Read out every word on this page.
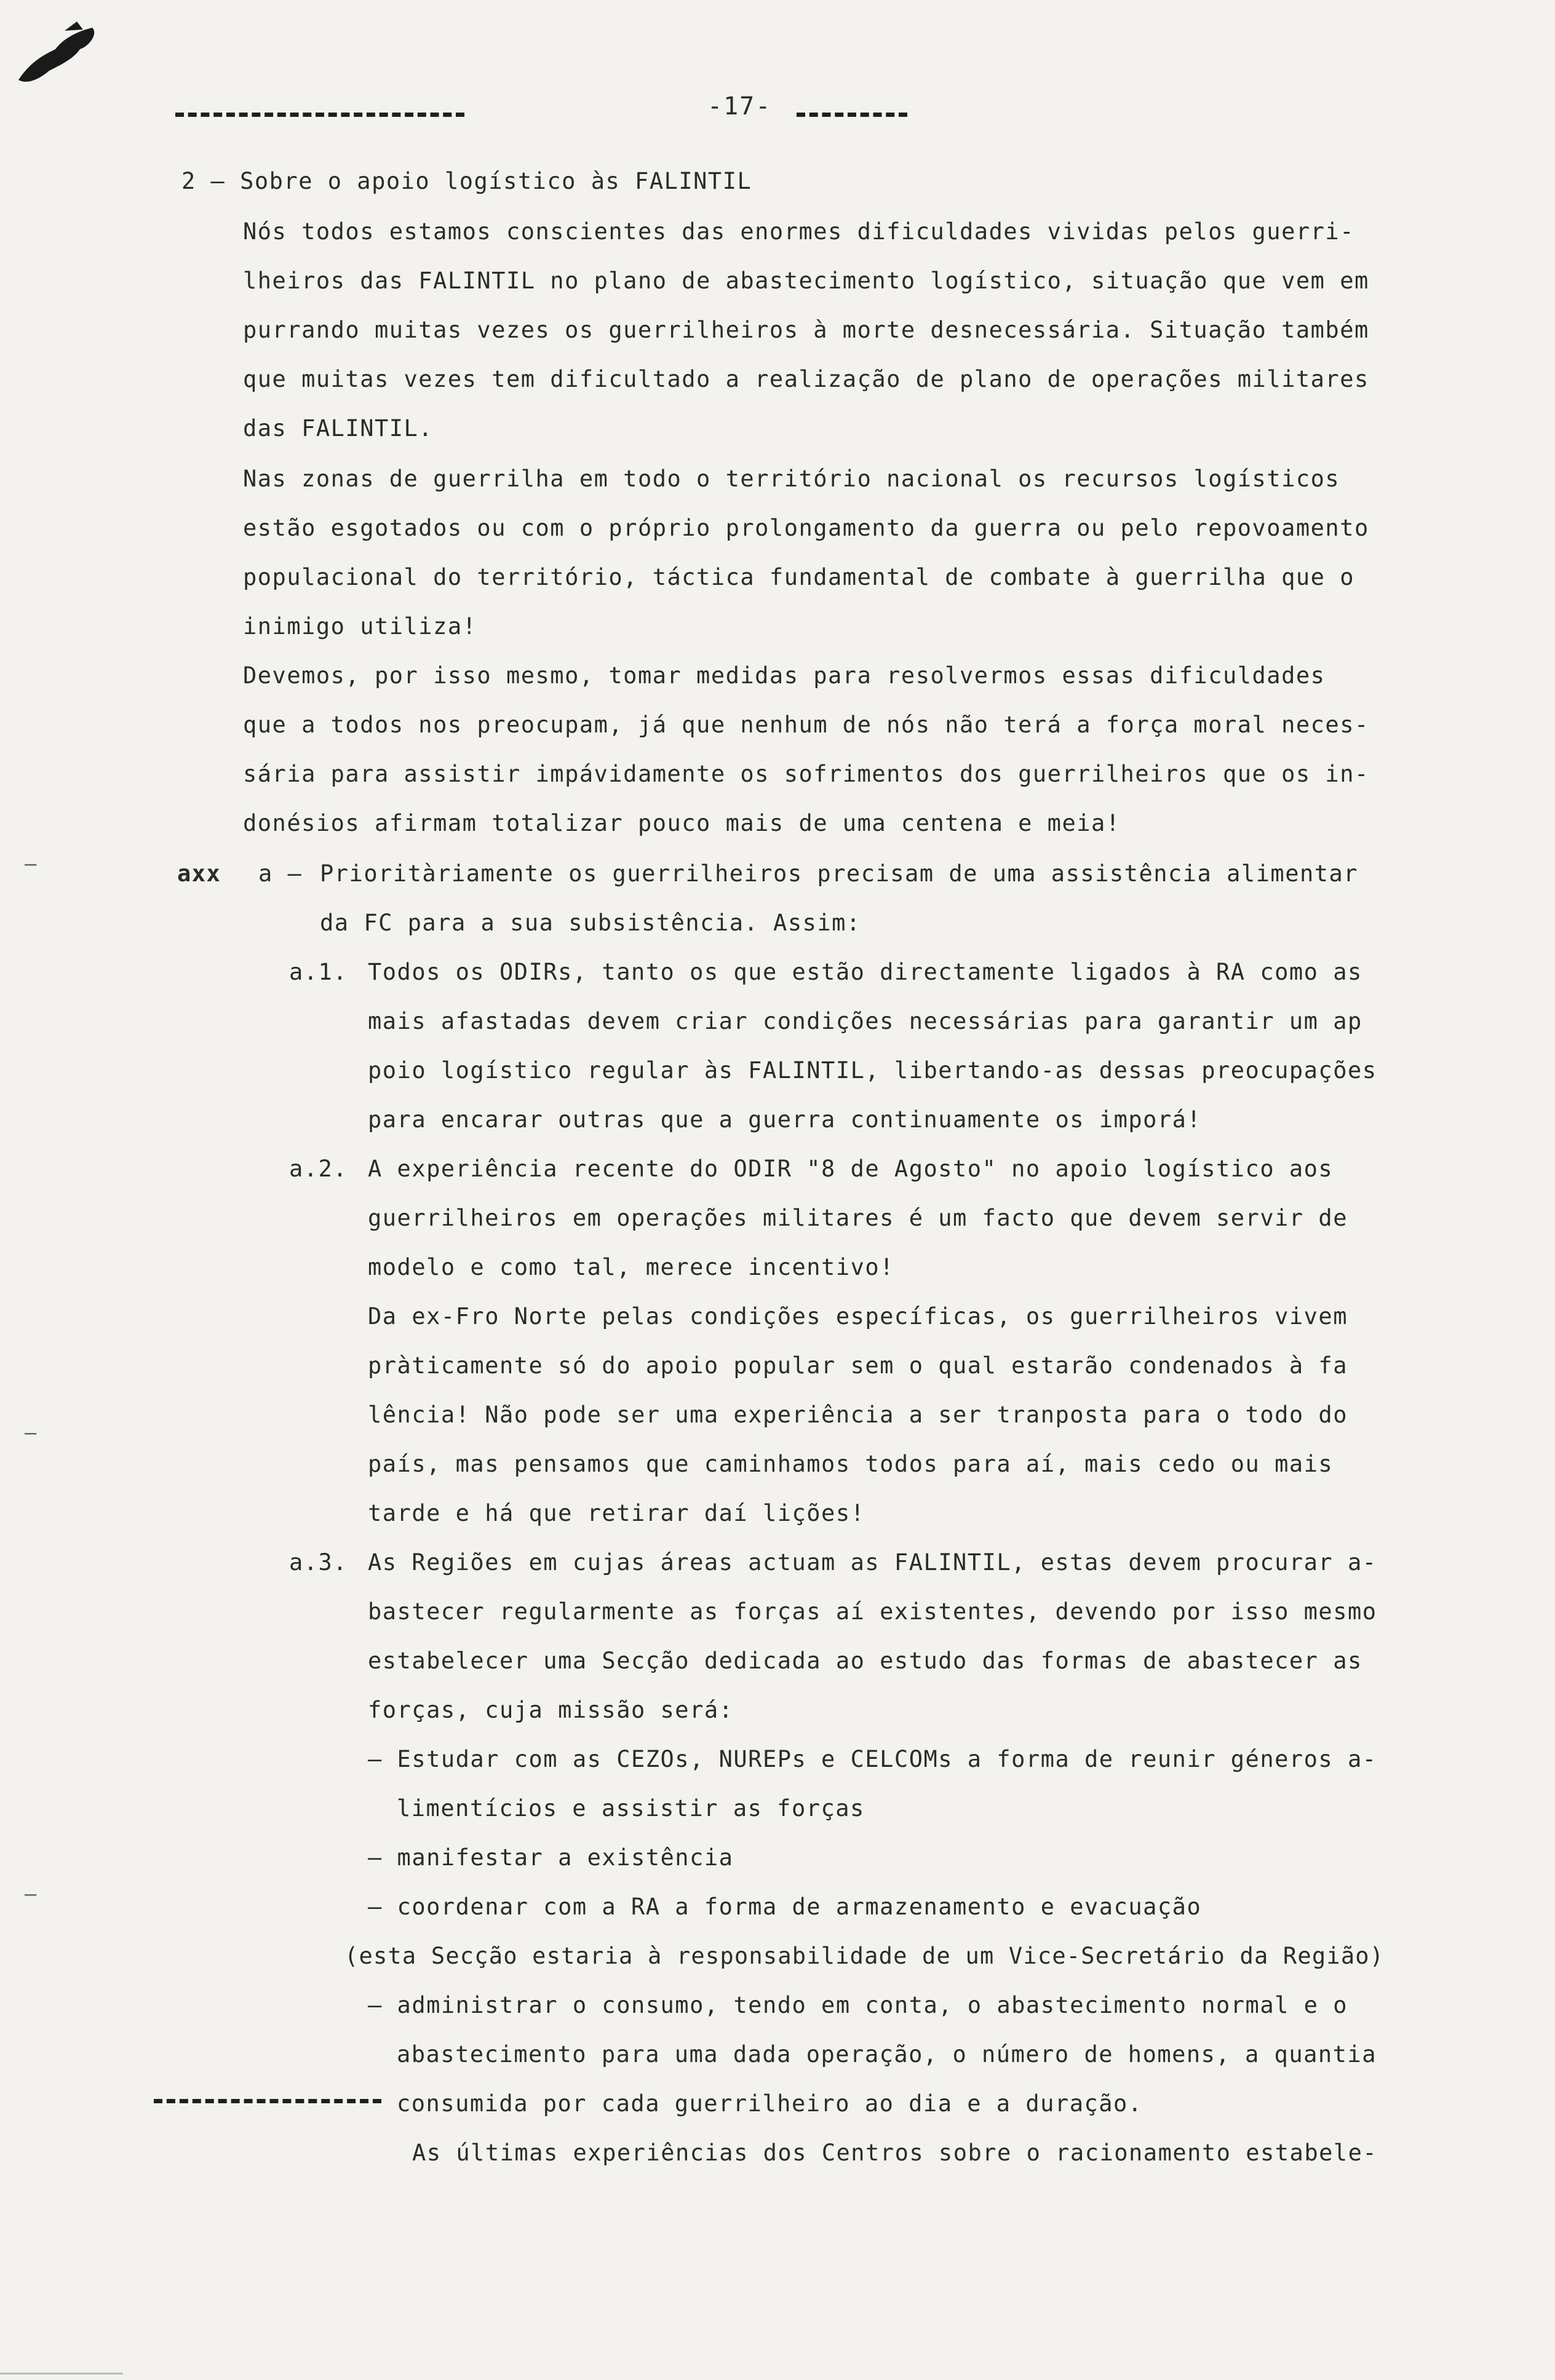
-17-
2 – Sobre o apoio logístico às FALINTIL
Nós todos estamos conscientes das enormes dificuldades vividas pelos guerri-
lheiros das FALINTIL no plano de abastecimento logístico, situação que vem em
purrando muitas vezes os guerrilheiros à morte desnecessária. Situação também
que muitas vezes tem dificultado a realização de plano de operações militares
das FALINTIL.
Nas zonas de guerrilha em todo o território nacional os recursos logísticos
estão esgotados ou com o próprio prolongamento da guerra ou pelo repovoamento
populacional do território, táctica fundamental de combate à guerrilha que o
inimigo utiliza!
Devemos, por isso mesmo, tomar medidas para resolvermos essas dificuldades
que a todos nos preocupam, já que nenhum de nós não terá a força moral neces-
sária para assistir impávidamente os sofrimentos dos guerrilheiros que os in-
donésios afirmam totalizar pouco mais de uma centena e meia!
axx a – Prioritàriamente os guerrilheiros precisam de uma assistência alimentar
da FC para a sua subsistência. Assim:
a.1. Todos os ODIRs, tanto os que estão directamente ligados à RA como as
mais afastadas devem criar condições necessárias para garantir um ap
poio logístico regular às FALINTIL, libertando-as dessas preocupações
para encarar outras que a guerra continuamente os imporá!
a.2. A experiência recente do ODIR "8 de Agosto" no apoio logístico aos
guerrilheiros em operações militares é um facto que devem servir de
modelo e como tal, merece incentivo!
Da ex-Fro Norte pelas condições específicas, os guerrilheiros vivem
pràticamente só do apoio popular sem o qual estarão condenados à fa
lência! Não pode ser uma experiência a ser tranposta para o todo do
país, mas pensamos que caminhamos todos para aí, mais cedo ou mais
tarde e há que retirar daí lições!
a.3. As Regiões em cujas áreas actuam as FALINTIL, estas devem procurar a-
bastecer regularmente as forças aí existentes, devendo por isso mesmo
estabelecer uma Secção dedicada ao estudo das formas de abastecer as
forças, cuja missão será:
– Estudar com as CEZOs, NUREPs e CELCOMs a forma de reunir géneros a-
limentícios e assistir as forças
– manifestar a existência
– coordenar com a RA a forma de armazenamento e evacuação
(esta Secção estaria à responsabilidade de um Vice-Secretário da Região)
– administrar o consumo, tendo em conta, o abastecimento normal e o
abastecimento para uma dada operação, o número de homens, a quantia
consumida por cada guerrilheiro ao dia e a duração.
As últimas experiências dos Centros sobre o racionamento estabele-
—
—
—
